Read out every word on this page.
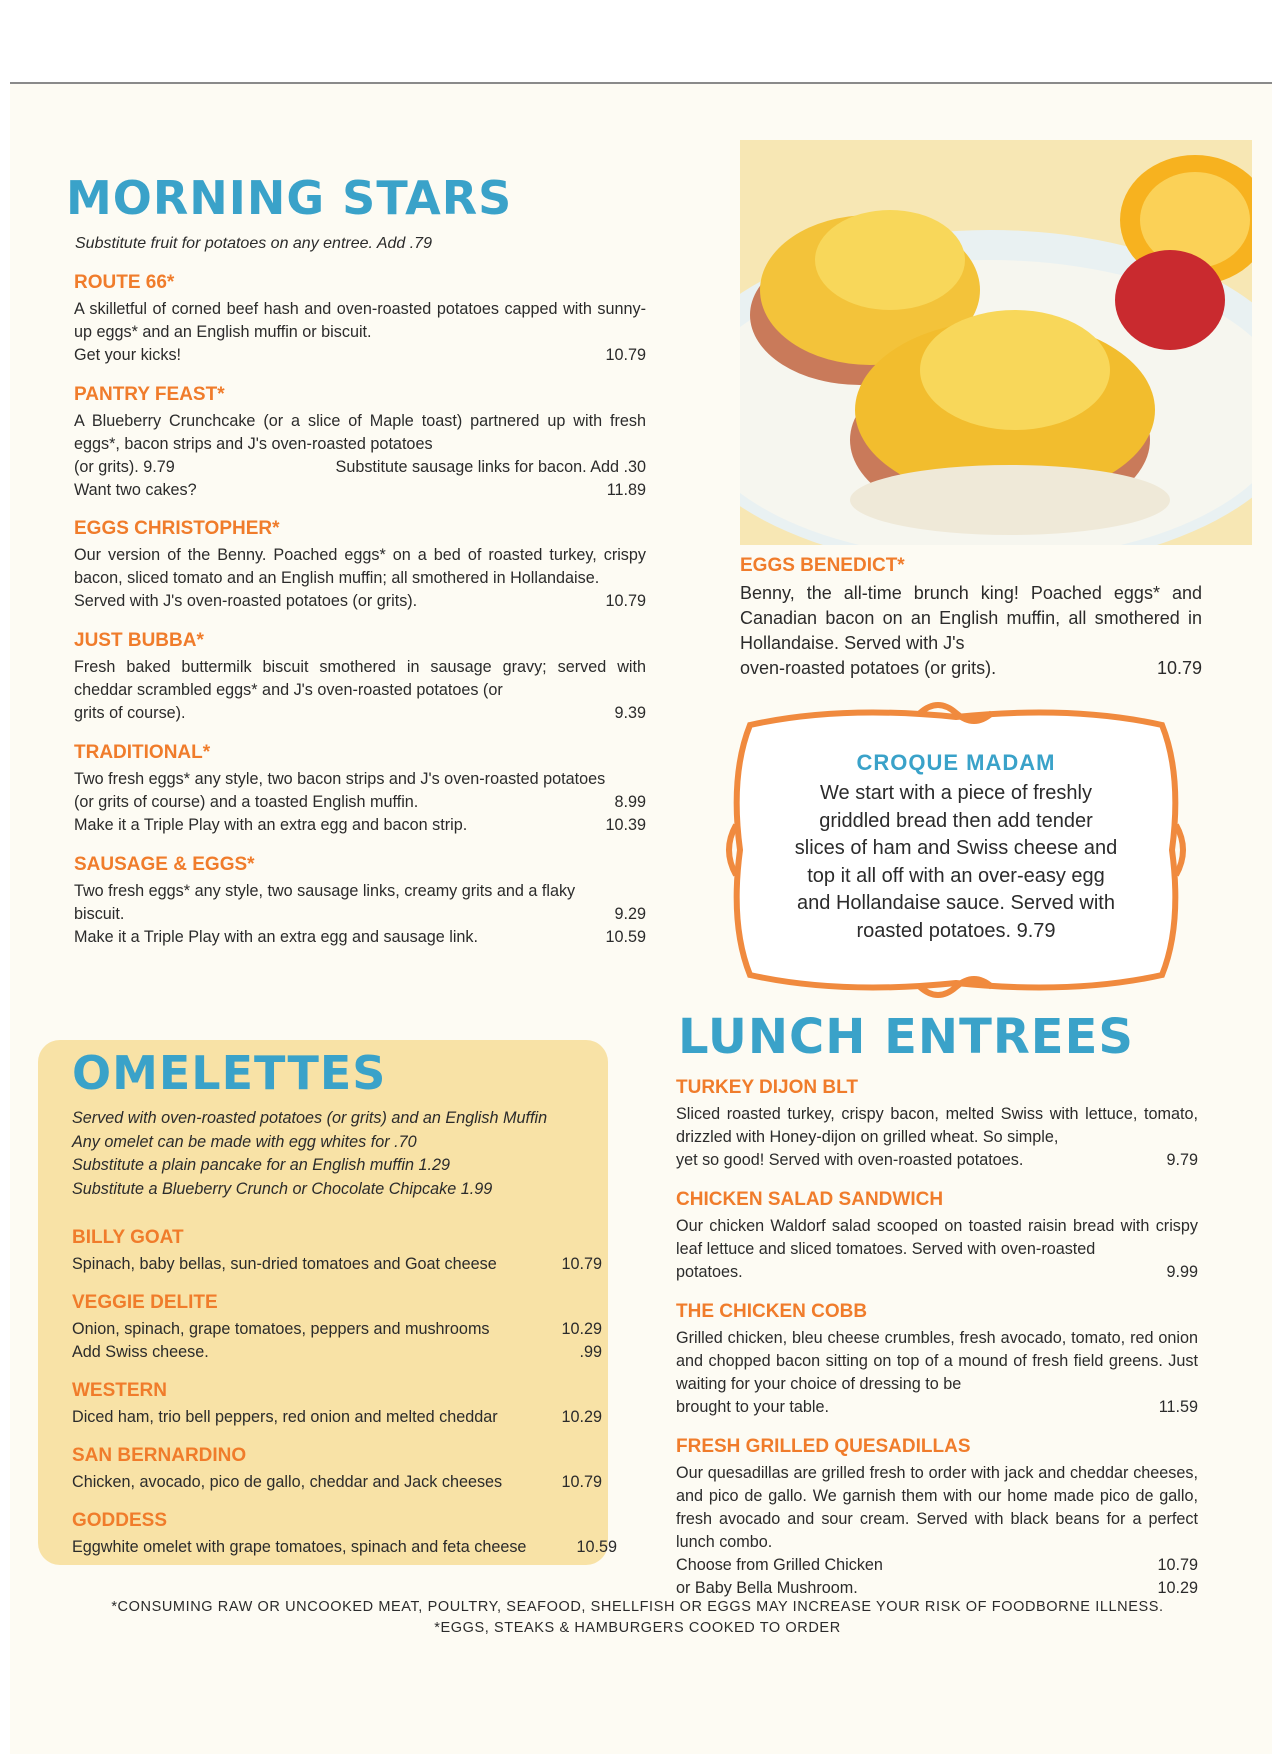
MORNING STARS
Substitute fruit for potatoes on any entree. Add .79
ROUTE 66*

A skilletful of corned beef hash and oven-roasted potatoes capped with sunny-up eggs* and an English muffin or biscuit.

Get your kicks!	10.79
PANTRY FEAST*

A Blueberry Crunchcake (or a slice of Maple toast) partnered up with fresh eggs*, bacon strips and J's oven-roasted potatoes

(or grits). 9.79	Substitute sausage links for bacon. Add .30
Want two cakes?	11.89
EGGS CHRISTOPHER*

Our version of the Benny. Poached eggs* on a bed of roasted turkey, crispy bacon, sliced tomato and an English muffin; all smothered in Hollandaise.

Served with J's oven-roasted potatoes (or grits).	10.79
JUST BUBBA*

Fresh baked buttermilk biscuit smothered in sausage gravy; served with cheddar scrambled eggs* and J's oven-roasted potatoes (or

grits of course).	9.39
TRADITIONAL*

Two fresh eggs* any style, two bacon strips and J's oven-roasted potatoes

(or grits of course) and a toasted English muffin.	8.99
Make it a Triple Play with an extra egg and bacon strip.	10.39
SAUSAGE & EGGS*

Two fresh eggs* any style, two sausage links, creamy grits and a flaky

biscuit.	9.29
Make it a Triple Play with an extra egg and sausage link.	10.59
EGGS BENEDICT*

Benny, the all-time brunch king! Poached eggs* and Canadian bacon on an English muffin, all smothered in Hollandaise. Served with J's

oven-roasted potatoes (or grits).	10.79
CROQUE MADAM
We start with a piece of freshly
griddled bread then add tender
slices of ham and Swiss cheese and
top it all off with an over-easy egg
and Hollandaise sauce. Served with
roasted potatoes. 9.79
OMELETTES
Served with oven-roasted potatoes (or grits) and an English Muffin
Any omelet can be made with egg whites for .70
Substitute a plain pancake for an English muffin 1.29
Substitute a Blueberry Crunch or Chocolate Chipcake 1.99
BILLY GOAT
Spinach, baby bellas, sun-dried tomatoes and Goat cheese	10.79
VEGGIE DELITE
Onion, spinach, grape tomatoes, peppers and mushrooms	10.29
Add Swiss cheese.	.99
WESTERN
Diced ham, trio bell peppers, red onion and melted cheddar	10.29
SAN BERNARDINO
Chicken, avocado, pico de gallo, cheddar and Jack cheeses	10.79
GODDESS
Eggwhite omelet with grape tomatoes, spinach and feta cheese	10.59
LUNCH ENTREES
TURKEY DIJON BLT

Sliced roasted turkey, crispy bacon, melted Swiss with lettuce, tomato, drizzled with Honey-dijon on grilled wheat. So simple,

yet so good! Served with oven-roasted potatoes.	9.79
CHICKEN SALAD SANDWICH

Our chicken Waldorf salad scooped on toasted raisin bread with crispy leaf lettuce and sliced tomatoes. Served with oven-roasted

potatoes.	9.99
THE CHICKEN COBB

Grilled chicken, bleu cheese crumbles, fresh avocado, tomato, red onion and chopped bacon sitting on top of a mound of fresh field greens. Just waiting for your choice of dressing to be

brought to your table.	11.59
FRESH GRILLED QUESADILLAS

Our quesadillas are grilled fresh to order with jack and cheddar cheeses, and pico de gallo. We garnish them with our home made pico de gallo, fresh avocado and sour cream. Served with black beans for a perfect lunch combo.

Choose from Grilled Chicken	10.79
or Baby Bella Mushroom.	10.29
*CONSUMING RAW OR UNCOOKED MEAT, POULTRY, SEAFOOD, SHELLFISH OR EGGS MAY INCREASE YOUR RISK OF FOODBORNE ILLNESS.
*EGGS, STEAKS & HAMBURGERS COOKED TO ORDER
